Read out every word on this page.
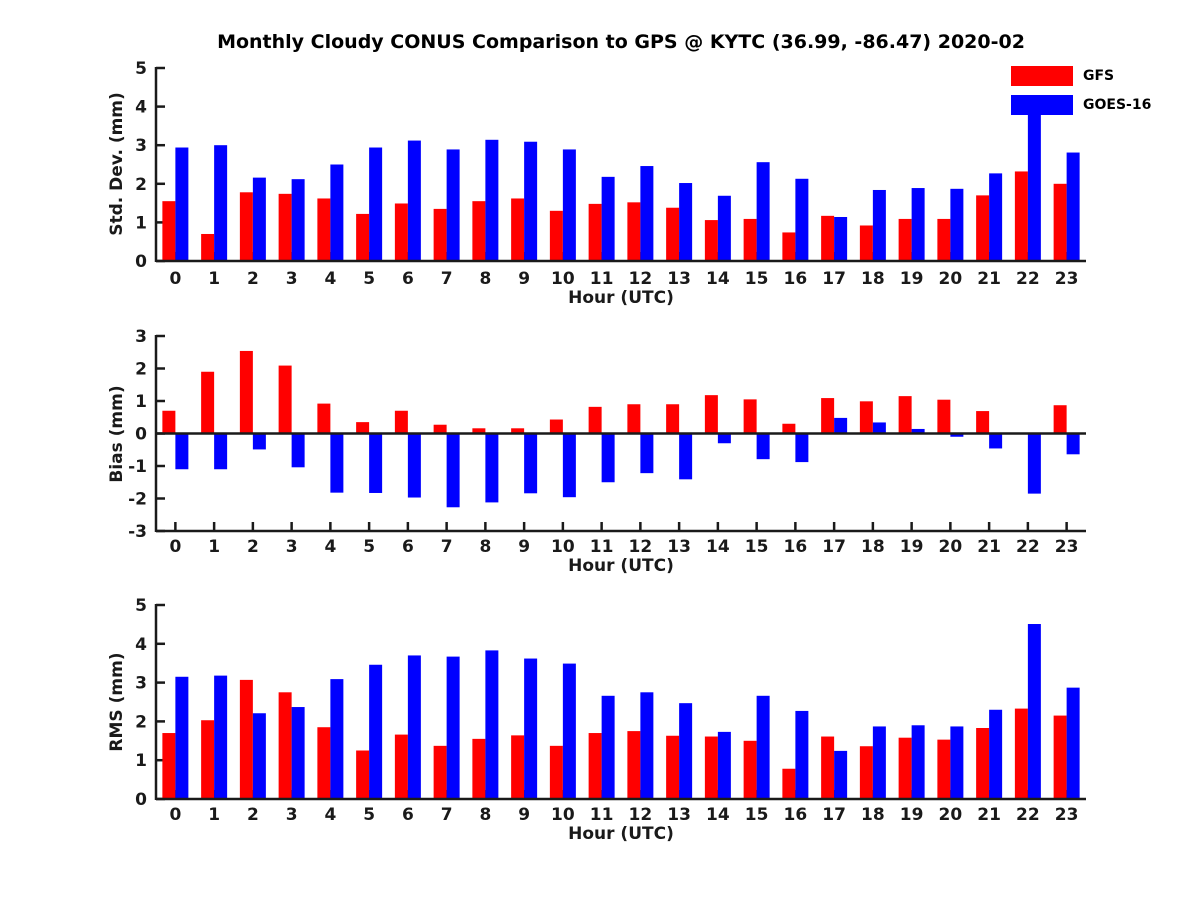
Monthly Cloudy CONUS Comparison to GPS @ KYTC (36.99, -86.47) 2020-02
0
1
2
3
4
5
0 1 2 3 4 5 6 7 8 9 10 11 12 13 14 15 16 17 18 19 20 21 22 23
-3
-2
-1
0
1
2
3
0 1 2 3 4 5 6 7 8 9 10 11 12 13 14 15 16 17 18 19 20 21 22 23
0
1
2
3
4
5
0 1 2 3 4 5 6 7 8 9 10 11 12 13 14 15 16 17 18 19 20 21 22 23
Std. Dev. (mm)
Bias (mm)
RMS (mm)
Hour (UTC)
Hour (UTC)
Hour (UTC)
GFS
GOES-16
